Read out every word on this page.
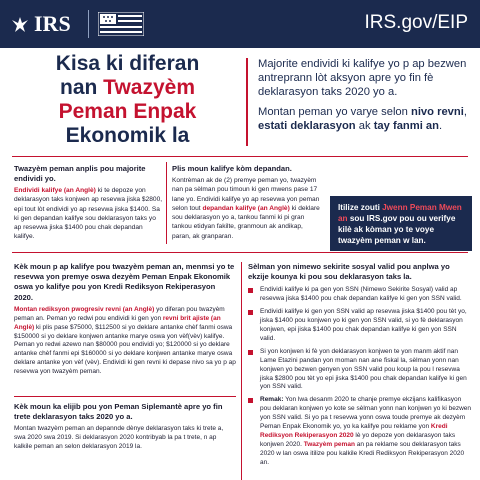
IRS	IRS.gov/EIP
Kisa ki diferan
nan Twazyèm
Peman Enpak
Ekonomik la

Majorite endividi ki kalifye yo p ap bezwen antreprann lòt aksyon apre yo fin fè deklarasyon taks 2020 yo a.

Montan peman yo varye selon nivo revni, estati deklarasyon ak tay fanmi an.

Twazyèm peman anplis pou majorite endividi yo.
Endividi kalifye (an Anglè) ki te depoze yon deklarasyon taks konjwen ap resevwa jiska $2800, epi tout lòt endividi yo ap resevwa jiska $1400. Sa ki gen depandan kalifye sou deklarasyon taks yo ap resevwa jiska $1400 pou chak depandan kalifye.
Plis moun kalifye kòm depandan.
Kontrèman ak de (2) premye peman yo, twazyèm nan pa sèlman pou timoun ki gen mwens pase 17 lane yo. Endividi kalifye yo ap resevwa yon peman selon tout depandan kalifye (an Anglè) ki deklare sou deklarasyon yo a, tankou fanmi ki pi gran tankou etidyan fakilte, granmoun ak andikap, paran, ak granparan.
Itilize zouti Jwenn Peman Mwen an sou IRS.gov pou ou verifye kilè ak kòman yo te voye twazyèm peman w lan.
Kèk moun p ap kalifye pou twazyèm peman an, menmsi yo te resevwa yon premye oswa dezyèm Peman Enpak Ekonomik oswa yo kalifye pou yon Kredi Rediksyon Rekiperasyon 2020.
Montan rediksyon pwogresiv revni (an Anglè) yo diferan pou twazyèm peman an. Peman yo redwi pou endividi ki gen yon revni brit ajiste (an Anglè) ki plis pase $75000, $112500 si yo deklare antanke chèf fanmi oswa $150000 si yo deklare konjwen antanke marye oswa yon vèf(vèv) kalifye. Peman yo redwi azewo nan $80000 pou endividi yo; $120000 si yo deklare antanke chèf fanmi epi $160000 si yo deklare konjwen antanke marye oswa deklare antanke yon vèf (vèv). Endividi ki gen revni ki depase nivo sa yo p ap resevwa yon twazyèm peman.
Kèk moun ka elijib pou yon Peman Siplemantè apre yo fin trete deklarasyon taks 2020 yo a.
Montan twazyèm peman an depannde dènye deklarasyon taks ki trete a, swa 2020 swa 2019. Si deklarasyon 2020 kontribyab la pa t trete, n ap kalkile peman an selon deklarasyon 2019 la.
Sèlman yon nimewo sekirite sosyal valid pou anplwa yo ekzije kounya ki pou sou deklarasyon taks la.
Endividi kalifye ki pa gen yon SSN (Nimewo Sekirite Sosyal) valid ap resevwa jiska $1400 pou chak depandan kalifye ki gen yon SSN valid.
Endividi kalifye ki gen yon SSN valid ap resevwa jiska $1400 pou tèt yo, jiska $1400 pou konjwen yo ki gen yon SSN valid, si yo fè deklarasyon konjwen, epi jiska $1400 pou chak depandan kalifye ki gen yon SSN valid.
Si yon konjwen ki fè yon deklarasyon konjwen te yon manm aktif nan Lame Etazini pandan yon moman nan ane fiskal la, sèlman yonn nan konjwen yo bezwen genyen yon SSN valid pou koup la pou l resevwa jiska $2800 pou tèt yo epi jiska $1400 pou chak depandan kalifye ki gen yon SSN valid.
Remak: Yon lwa desanm 2020 te chanje premye ekzijans kalifikasyon pou deklaran konjwen yo kote se sèlman yonn nan konjwen yo ki bezwen yon SSN valid. Si yo pa t resevwa yonn oswa toude premye ak dezyèm Peman Enpak Ekonomik yo, yo ka kalifye pou reklame yon Kredi Rediksyon Rekiperasyon 2020 lè yo depoze yon deklarasyon taks konjwen 2020. Twazyèm peman an pa reklame sou deklarasyon taks 2020 w lan oswa itilize pou kalkile Kredi Rediksyon Rekiperasyon 2020 an.
